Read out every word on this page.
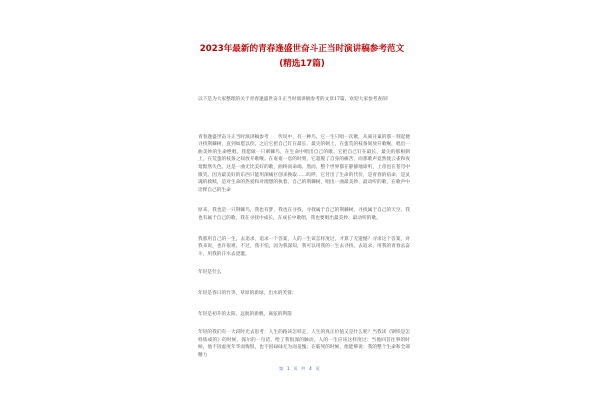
2023年最新的青春逢盛世奋斗正当时演讲稿参考范文(精选17篇)

以下是为大家整理的关于青春逢盛世奋斗正当时演讲稿参考的文章17篇，欢迎大家参考查阅！

青春逢盛世奋斗正当时演讲稿参考　　传说中，有一种鸟，它一生只唱一次歌，从离开巢的那一刻起便寻找荆棘树，直到如愿以偿。之后它把自己钉在最长、最尖的刺上，在蛮荒的枝条间放开歌喉，唱出一曲美妙的生命绝唱。我愿做一只刺棘鸟，在生命中唱出自己的歌。它把自己钉在最长、最尖的那根刺上，在荒蛮的枝条之间放开歌喉。在奄奄一息的时刻，它超脱了自身的痛苦，而那歌声竟然使云雀和夜莺黯然失色。这是一曲无比美好的歌，曲终而命竭。然而，整个世界都在静静地谛听，上帝也在苍穹中微笑。因为最美好的东西只能用深痛巨创来换取……呜呼，它付出了生命的代价，是青春的宿命，是灵魂的救赎，是对生命的热爱和对理想的执着。自己的荆棘树，唱出一曲最美妙、最动听的歌，在歌声中诠释自己的生命

原来，我也是一只荆棘鸟，我也有梦，我也在寻找，寻找属于自己的荆棘树，寻找属于自己的天空。我也有属于自己的歌，我在寻找中成长，在成长中歌唱，我也要唱出最美妙、最动听的歌。

我那用自己的一生，去追求，追求一个答案，人的一生该怎样度过，才算了无遗憾？寻求这个答案，对我来说，也许很难。不过，我不怕，因为我深知，我可以用我的一生去寻找，去追求。用我的青春去奋斗，用我的汗水去浇灌。

年轻是什么

年轻是春日的竹笋，草原的新绿，出水的芙蓉；

年轻是初升的太阳，远航的新帆，离弦的利箭

年轻的我们有一大段时光去思考：人生的路该怎样走，人生的真正价值又是什么呢？当我读《钢铁是怎样炼成的》的时候，保尔的一句话，给了我很深的触动。人的一生应该这样度过：当他回首往事的时候，他不因虚度年华而悔恨，也不因碌碌无为而羞愧；在临死的时候，他能够说：我的整个生命和全部精力

第 1 页 共 4 页
